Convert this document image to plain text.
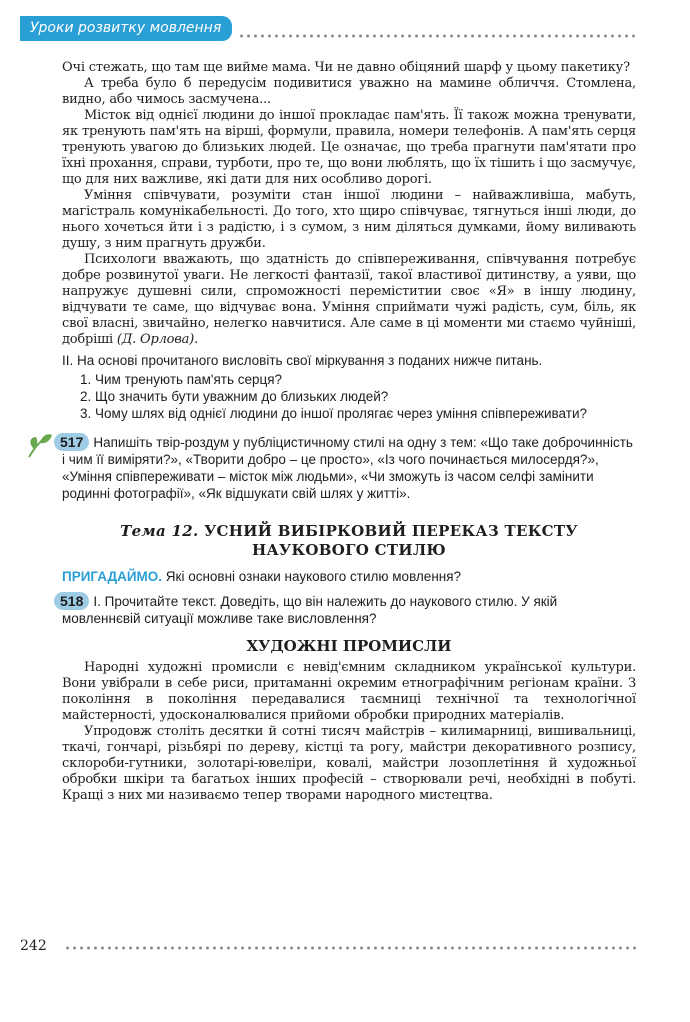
Уроки розвитку мовлення

Очі стежать, що там ще вийме мама. Чи не давно обіцяний шарф у цьому пакетику?

А треба було б передусім подивитися уважно на мамине обличчя. Стомлена, видно, або чимось засмучена...

Місток від однієї людини до іншої прокладає пам'ять. Її також можна тренувати, як тренують пам'ять на вірші, формули, правила, номери телефонів. А пам'ять серця тренують увагою до близьких людей. Це означає, що треба прагнути пам'ятати про їхні прохання, справи, турботи, про те, що вони люблять, що їх тішить і що засмучує, що для них важливе, які дати для них особливо дорогі.

Уміння співчувати, розуміти стан іншої людини – найважливіша, мабуть, магістраль комунікабельності. До того, хто щиро співчуває, тягнуться інші люди, до нього хочеться йти і з радістю, і з сумом, з ним діляться думками, йому виливають душу, з ним прагнуть дружби.

Психологи вважають, що здатність до співпереживання, співчування потребує добре розвинутої уваги. Не легкості фантазії, такої властивої дитинству, а уяви, що напружує душевні сили, спроможності переміститии своє «Я» в іншу людину, відчувати те саме, що відчуває вона. Уміння сприймати чужі радість, сум, біль, як свої власні, звичайно, нелегко навчитися. Але саме в ці моменти ми стаємо чуйніші, добріші (Д. Орлова).

ІІ. На основі прочитаного висловіть свої міркування з поданих нижче питань.

1. Чим тренують пам'ять серця?
2. Що значить бути уважним до близьких людей?
3. Чому шлях від однієї людини до іншої пролягає через уміння співпереживати?

517 Напишіть твір-роздум у публіцистичному стилі на одну з тем: «Що таке доброчинність і чим її виміряти?», «Творити добро – це просто», «Із чого починається милосердя?», «Уміння співпереживати – місток між людьми», «Чи зможуть із часом селфі замінити родинні фотографії», «Як відшукати свій шлях у житті».

Тема 12. УСНИЙ ВИБІРКОВИЙ ПЕРЕКАЗ ТЕКСТУ НАУКОВОГО СТИЛЮ

ПРИГАДАЙМО. Які основні ознаки наукового стилю мовлення?

518 І. Прочитайте текст. Доведіть, що він належить до наукового стилю. У якій мовленнєвій ситуації можливе таке висловлення?

ХУДОЖНІ ПРОМИСЛИ

Народні художні промисли є невід'ємним складником української культури. Вони увібрали в себе риси, притаманні окремим етнографічним регіонам країни. З покоління в покоління передавалися таємниці технічної та технологічної майстерності, удосконалювалися прийоми обробки природних матеріалів.

Упродовж століть десятки й сотні тисяч майстрів – килимарниці, вишивальниці, ткачі, гончарі, різьбярі по дереву, кістці та рогу, майстри декоративного розпису, склороби-гутники, золотарі-ювеліри, ковалі, майстри лозоплетіння й художньої обробки шкіри та багатьох інших професій – створювали речі, необхідні в побуті. Кращі з них ми називаємо тепер творами народного мистецтва.

242
